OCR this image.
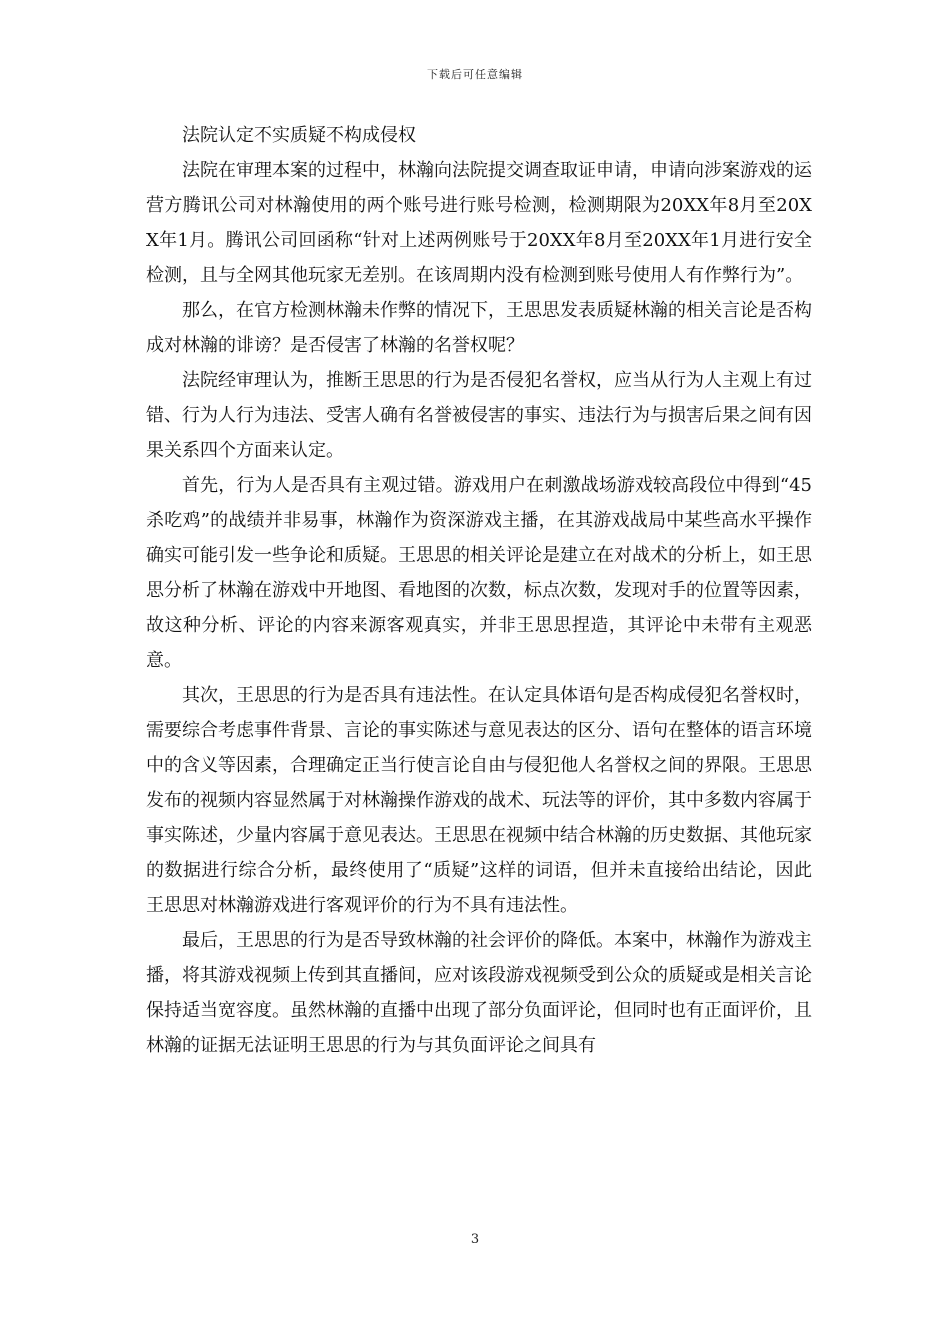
下载后可任意编辑

法院认定不实质疑不构成侵权

法院在审理本案的过程中，林瀚向法院提交调查取证申请，申请向涉案游戏的运营方腾讯公司对林瀚使用的两个账号进行账号检测，检测期限为20XX年8月至20XX年1月。腾讯公司回函称“针对上述两例账号于20XX年8月至20XX年1月进行安全检测，且与全网其他玩家无差别。在该周期内没有检测到账号使用人有作弊行为”。

那么，在官方检测林瀚未作弊的情况下，王思思发表质疑林瀚的相关言论是否构成对林瀚的诽谤？是否侵害了林瀚的名誉权呢？

法院经审理认为，推断王思思的行为是否侵犯名誉权，应当从行为人主观上有过错、行为人行为违法、受害人确有名誉被侵害的事实、违法行为与损害后果之间有因果关系四个方面来认定。

首先，行为人是否具有主观过错。游戏用户在刺激战场游戏较高段位中得到“45杀吃鸡”的战绩并非易事，林瀚作为资深游戏主播，在其游戏战局中某些高水平操作确实可能引发一些争论和质疑。王思思的相关评论是建立在对战术的分析上，如王思思分析了林瀚在游戏中开地图、看地图的次数，标点次数，发现对手的位置等因素，故这种分析、评论的内容来源客观真实，并非王思思捏造，其评论中未带有主观恶意。

其次，王思思的行为是否具有违法性。在认定具体语句是否构成侵犯名誉权时，需要综合考虑事件背景、言论的事实陈述与意见表达的区分、语句在整体的语言环境中的含义等因素，合理确定正当行使言论自由与侵犯他人名誉权之间的界限。王思思发布的视频内容显然属于对林瀚操作游戏的战术、玩法等的评价，其中多数内容属于事实陈述，少量内容属于意见表达。王思思在视频中结合林瀚的历史数据、其他玩家的数据进行综合分析，最终使用了“质疑”这样的词语，但并未直接给出结论，因此王思思对林瀚游戏进行客观评价的行为不具有违法性。

最后，王思思的行为是否导致林瀚的社会评价的降低。本案中，林瀚作为游戏主播，将其游戏视频上传到其直播间，应对该段游戏视频受到公众的质疑或是相关言论保持适当宽容度。虽然林瀚的直播中出现了部分负面评论，但同时也有正面评价，且林瀚的证据无法证明王思思的行为与其负面评论之间具有

3
